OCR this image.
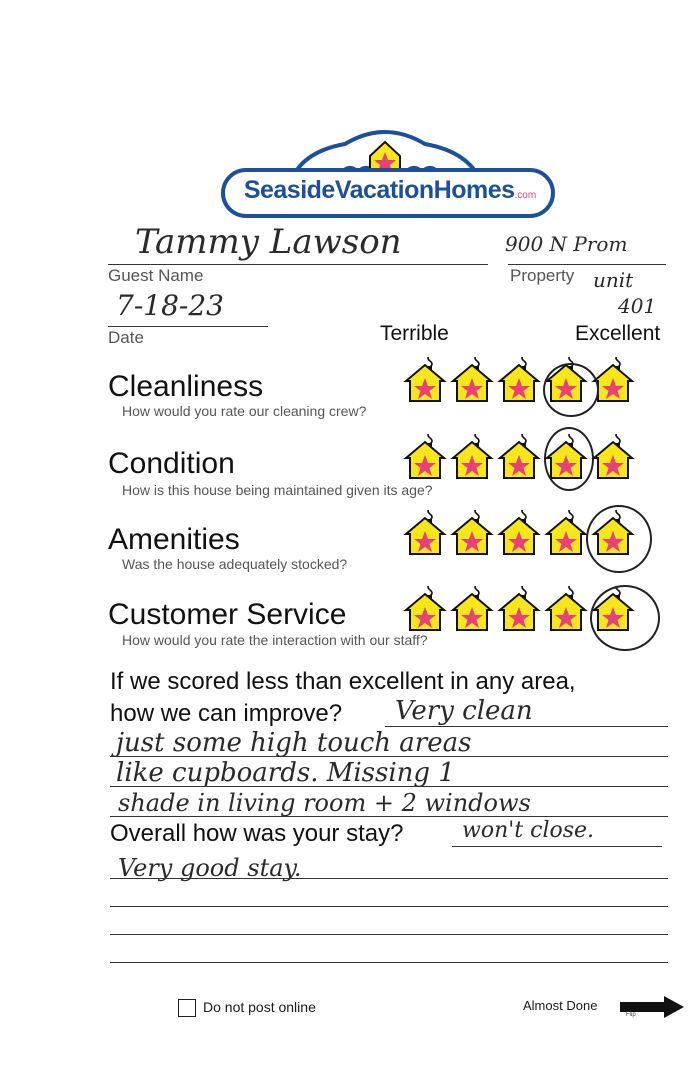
SeasideVacationHomes.com
Tammy Lawson
Guest Name
900 N Prom
Property unit
401
7-18-23
Date	Terrible	Excellent
Cleanliness
How would you rate our cleaning crew?
Condition
How is this house being maintained given its age?
Amenities
Was the house adequately stocked?
Customer Service
How would you rate the interaction with our staff?
If we scored less than excellent in any area,
how we can improve? Very clean
just some high touch areas
like cupboards. Missing 1
shade in living room + 2 windows
Overall how was your stay?	won't close.
Very good stay.
Do not post online	Almost Done
Flip
